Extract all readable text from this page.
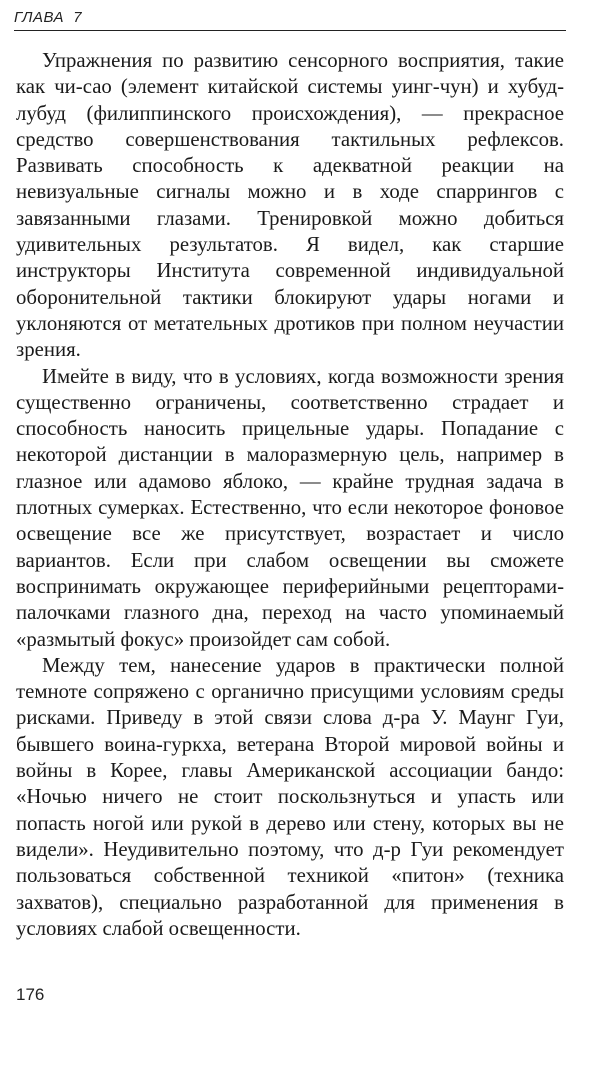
ГЛАВА  7

Упражнения по развитию сенсорного восприятия, такие как чи-сао (элемент китайской системы уинг-чун) и хубуд-лубуд (филиппинского происхождения), — прекрасное средство совершенствования тактильных рефлексов. Развивать способность к адекватной реакции на невизуальные сигналы можно и в ходе спаррингов с завязанными глазами. Тренировкой можно добиться удивительных результатов. Я видел, как старшие инструкторы Института современной индивидуальной оборонительной тактики блокируют удары ногами и уклоняются от метательных дротиков при полном неучастии зрения.

Имейте в виду, что в условиях, когда возможности зрения существенно ограничены, соответственно страдает и способность наносить прицельные удары. Попадание с некоторой дистанции в малоразмерную цель, например в глазное или адамово яблоко, — крайне трудная задача в плотных сумерках. Естественно, что если некоторое фоновое освещение все же присутствует, возрастает и число вариантов. Если при слабом освещении вы сможете воспринимать окружающее периферийными рецепторами-палочками глазного дна, переход на часто упоминаемый «размытый фокус» произойдет сам собой.

Между тем, нанесение ударов в практически полной темноте сопряжено с органично присущими условиям среды рисками. Приведу в этой связи слова д-ра У. Маунг Гуи, бывшего воина-гуркха, ветерана Второй мировой войны и войны в Корее, главы Американской ассоциации бандо: «Ночью ничего не стоит поскользнуться и упасть или попасть ногой или рукой в дерево или стену, которых вы не видели». Неудивительно поэтому, что д-р Гуи рекомендует пользоваться собственной техникой «питон» (техника захватов), специально разработанной для применения в условиях слабой освещенности.

176
